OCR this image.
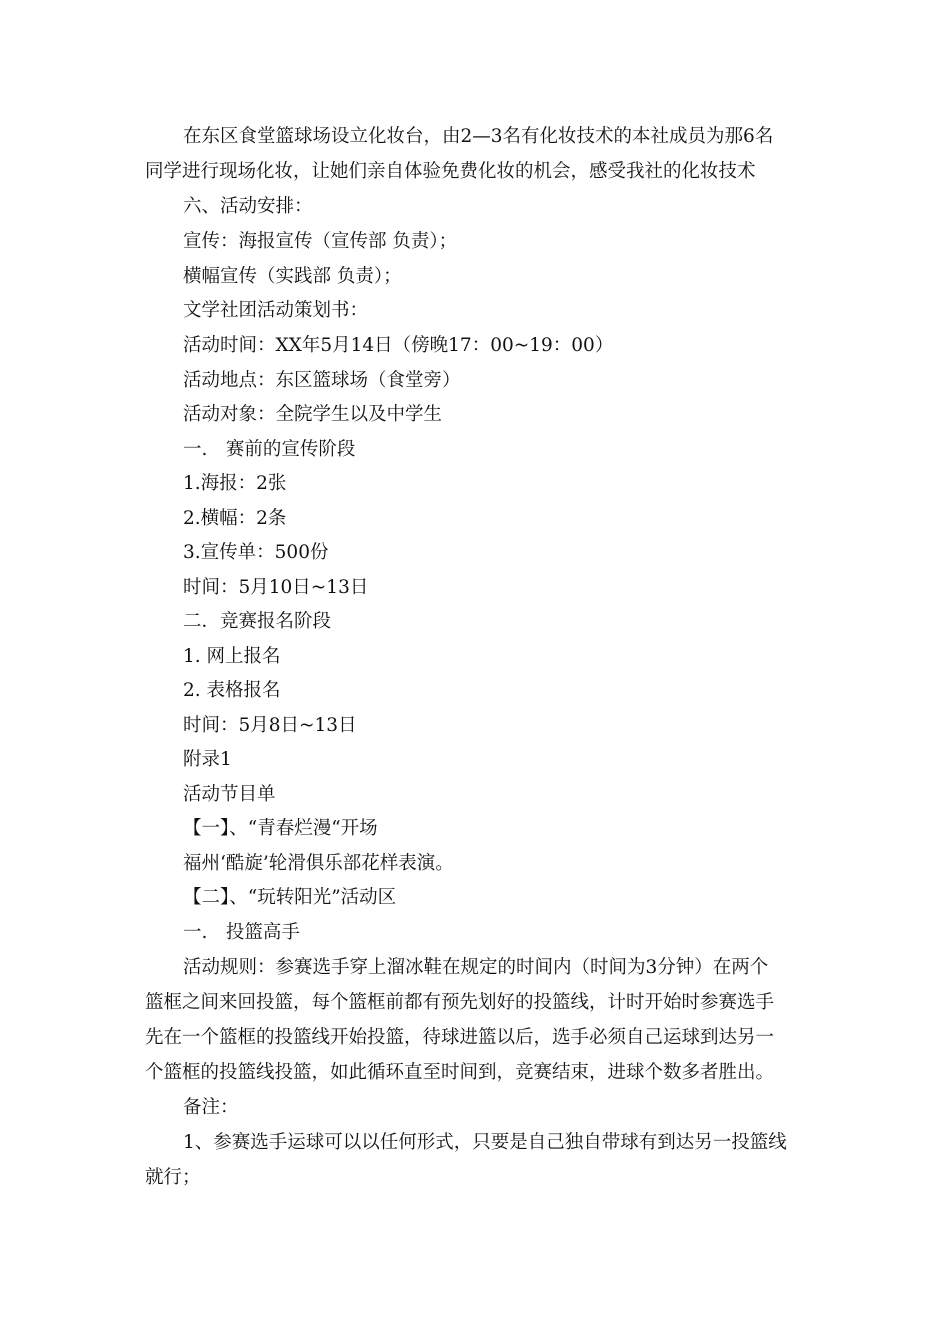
在东区食堂篮球场设立化妆台，由2—3名有化妆技术的本社成员为那6名
同学进行现场化妆，让她们亲自体验免费化妆的机会，感受我社的化妆技术
六、活动安排：
宣传：海报宣传（宣传部 负责）；
横幅宣传（实践部 负责）；
文学社团活动策划书：
活动时间：XX年5月14日（傍晚17：00~19：00）
活动地点：东区篮球场（食堂旁）
活动对象：全院学生以及中学生
一.　赛前的宣传阶段
1.海报：2张
2.横幅：2条
3.宣传单：500份
时间：5月10日~13日
二．竞赛报名阶段
1. 网上报名
2. 表格报名
时间：5月8日~13日
附录1
活动节目单
【一】、“青春烂漫“开场
福州‘酷旋’轮滑俱乐部花样表演。
【二】、“玩转阳光”活动区
一.　投篮高手
活动规则：参赛选手穿上溜冰鞋在规定的时间内（时间为3分钟）在两个
篮框之间来回投篮，每个篮框前都有预先划好的投篮线，计时开始时参赛选手
先在一个篮框的投篮线开始投篮，待球进篮以后，选手必须自己运球到达另一
个篮框的投篮线投篮，如此循环直至时间到，竞赛结束，进球个数多者胜出。
备注：
1、参赛选手运球可以以任何形式，只要是自己独自带球有到达另一投篮线
就行；
